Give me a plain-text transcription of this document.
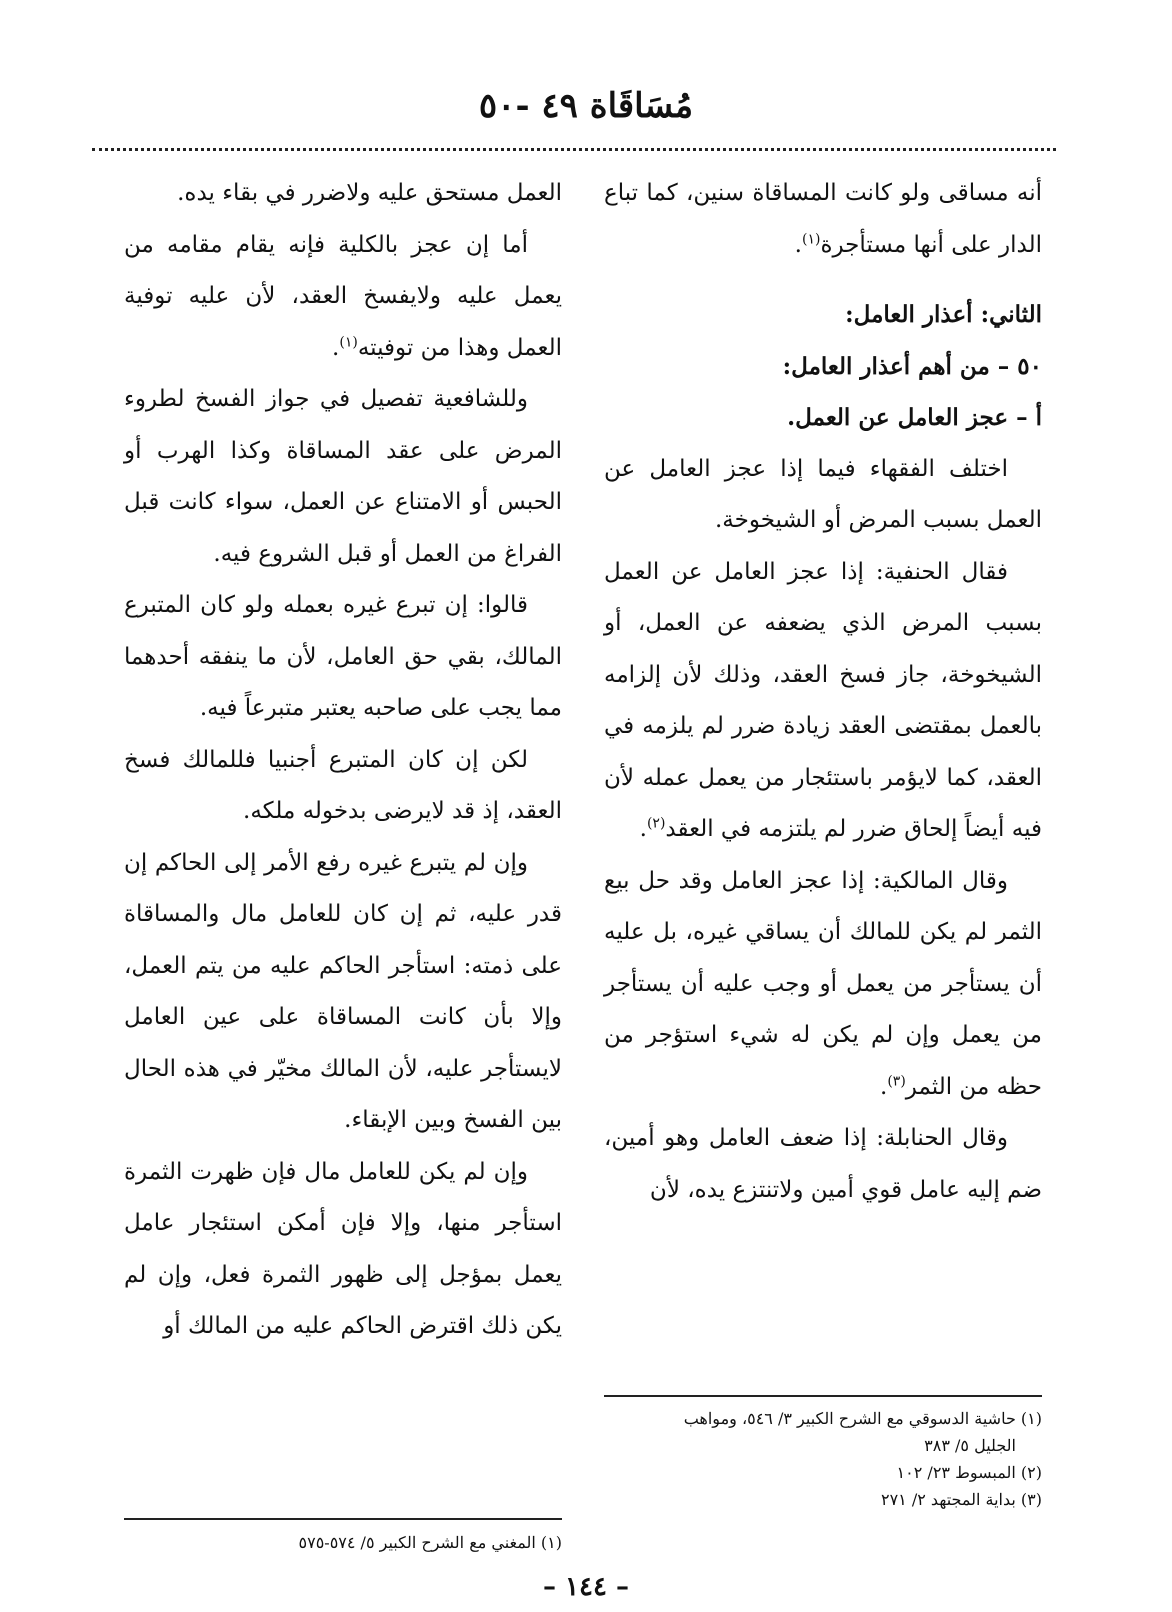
مُسَاقَاة ٤٩ -٥٠

أنه مساقى ولو كانت المساقاة سنين، كما تباع الدار على أنها مستأجرة$^{(١)}$.

الثاني: أعذار العامل:

٥٠ – من أهم أعذار العامل:

أ – عجز العامل عن العمل.

اختلف الفقهاء فيما إذا عجز العامل عن العمل بسبب المرض أو الشيخوخة.

فقال الحنفية: إذا عجز العامل عن العمل بسبب المرض الذي يضعفه عن العمل، أو الشيخوخة، جاز فسخ العقد، وذلك لأن إلزامه بالعمل بمقتضى العقد زيادة ضرر لم يلزمه في العقد، كما لايؤمر باستئجار من يعمل عمله لأن فيه أيضاً إلحاق ضرر لم يلتزمه في العقد$^{(٢)}$.

وقال المالكية: إذا عجز العامل وقد حل بيع الثمر لم يكن للمالك أن يساقي غيره، بل عليه أن يستأجر من يعمل أو وجب عليه أن يستأجر من يعمل وإن لم يكن له شيء استؤجر من حظه من الثمر$^{(٣)}$.

وقال الحنابلة: إذا ضعف العامل وهو أمين، ضم إليه عامل قوي أمين ولاتنتزع يده، لأن

(١) حاشية الدسوقي مع الشرح الكبير ٣/ ٥٤٦، ومواهب

الجليل ٥/ ٣٨٣

(٢) المبسوط ٢٣/ ١٠٢

(٣) بداية المجتهد ٢/ ٢٧١

العمل مستحق عليه ولاضرر في بقاء يده.

أما إن عجز بالكلية فإنه يقام مقامه من يعمل عليه ولايفسخ العقد، لأن عليه توفية العمل وهذا من توفيته$^{(١)}$.

وللشافعية تفصيل في جواز الفسخ لطروء المرض على عقد المساقاة وكذا الهرب أو الحبس أو الامتناع عن العمل، سواء كانت قبل الفراغ من العمل أو قبل الشروع فيه.

قالوا: إن تبرع غيره بعمله ولو كان المتبرع المالك، بقي حق العامل، لأن ما ينفقه أحدهما مما يجب على صاحبه يعتبر متبرعاً فيه.

لكن إن كان المتبرع أجنبيا فللمالك فسخ العقد، إذ قد لايرضى بدخوله ملكه.

وإن لم يتبرع غيره رفع الأمر إلى الحاكم إن قدر عليه، ثم إن كان للعامل مال والمساقاة على ذمته: استأجر الحاكم عليه من يتم العمل، وإلا بأن كانت المساقاة على عين العامل لايستأجر عليه، لأن المالك مخيّر في هذه الحال بين الفسخ وبين الإبقاء.

وإن لم يكن للعامل مال فإن ظهرت الثمرة استأجر منها، وإلا فإن أمكن استئجار عامل يعمل بمؤجل إلى ظهور الثمرة فعل، وإن لم يكن ذلك اقترض الحاكم عليه من المالك أو

(١) المغني مع الشرح الكبير ٥/ ٥٧٤-٥٧٥

– ١٤٤ –
